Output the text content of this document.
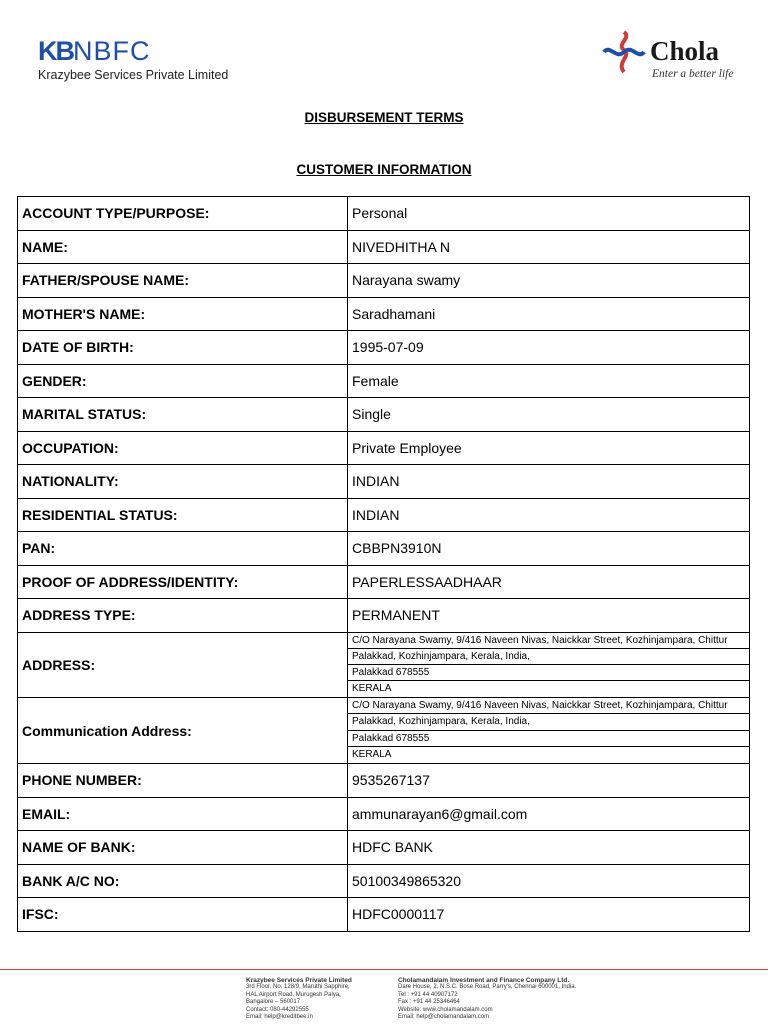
KBNBFC
Krazybee Services Private Limited
Chola
Enter a better life
DISBURSEMENT TERMS
CUSTOMER INFORMATION
ACCOUNT TYPE/PURPOSE:	Personal
NAME:	NIVEDHITHA N
FATHER/SPOUSE NAME:	Narayana swamy
MOTHER'S NAME:	Saradhamani
DATE OF BIRTH:	1995-07-09
GENDER:	Female
MARITAL STATUS:	Single
OCCUPATION:	Private Employee
NATIONALITY:	INDIAN
RESIDENTIAL STATUS:	INDIAN
PAN:	CBBPN3910N
PROOF OF ADDRESS/IDENTITY:	PAPERLESSAADHAAR
ADDRESS TYPE:	PERMANENT
ADDRESS:	C/O Narayana Swamy, 9/416 Naveen Nivas, Naickkar Street, Kozhinjampara, Chittur
Palakkad, Kozhinjampara, Kerala, India,
Palakkad 678555
KERALA

Communication Address:	C/O Narayana Swamy, 9/416 Naveen Nivas, Naickkar Street, Kozhinjampara, Chittur
Palakkad, Kozhinjampara, Kerala, India,
Palakkad 678555
KERALA

PHONE NUMBER:	9535267137
EMAIL:	ammunarayan6@gmail.com
NAME OF BANK:	HDFC BANK
BANK A/C NO:	50100349865320
IFSC:	HDFC0000117
Krazybee Services Private Limited
3rd Floor, No. 128/9, Maruthi Sapphire,
HAL Airport Road, Murugesh Palya,
Bangalore – 560017
Contact: 080-44292555
Email: help@kreditbee.in
Cholamandalam Investment and Finance Company Ltd.
Dare House, 2, N.S.C. Bose Road, Parry's, Chennai 600001, India.
Tel : +91 44 40907172
Fax : +91 44 25346464
Website: www.cholamandalam.com
Email: help@cholamandalam.com
